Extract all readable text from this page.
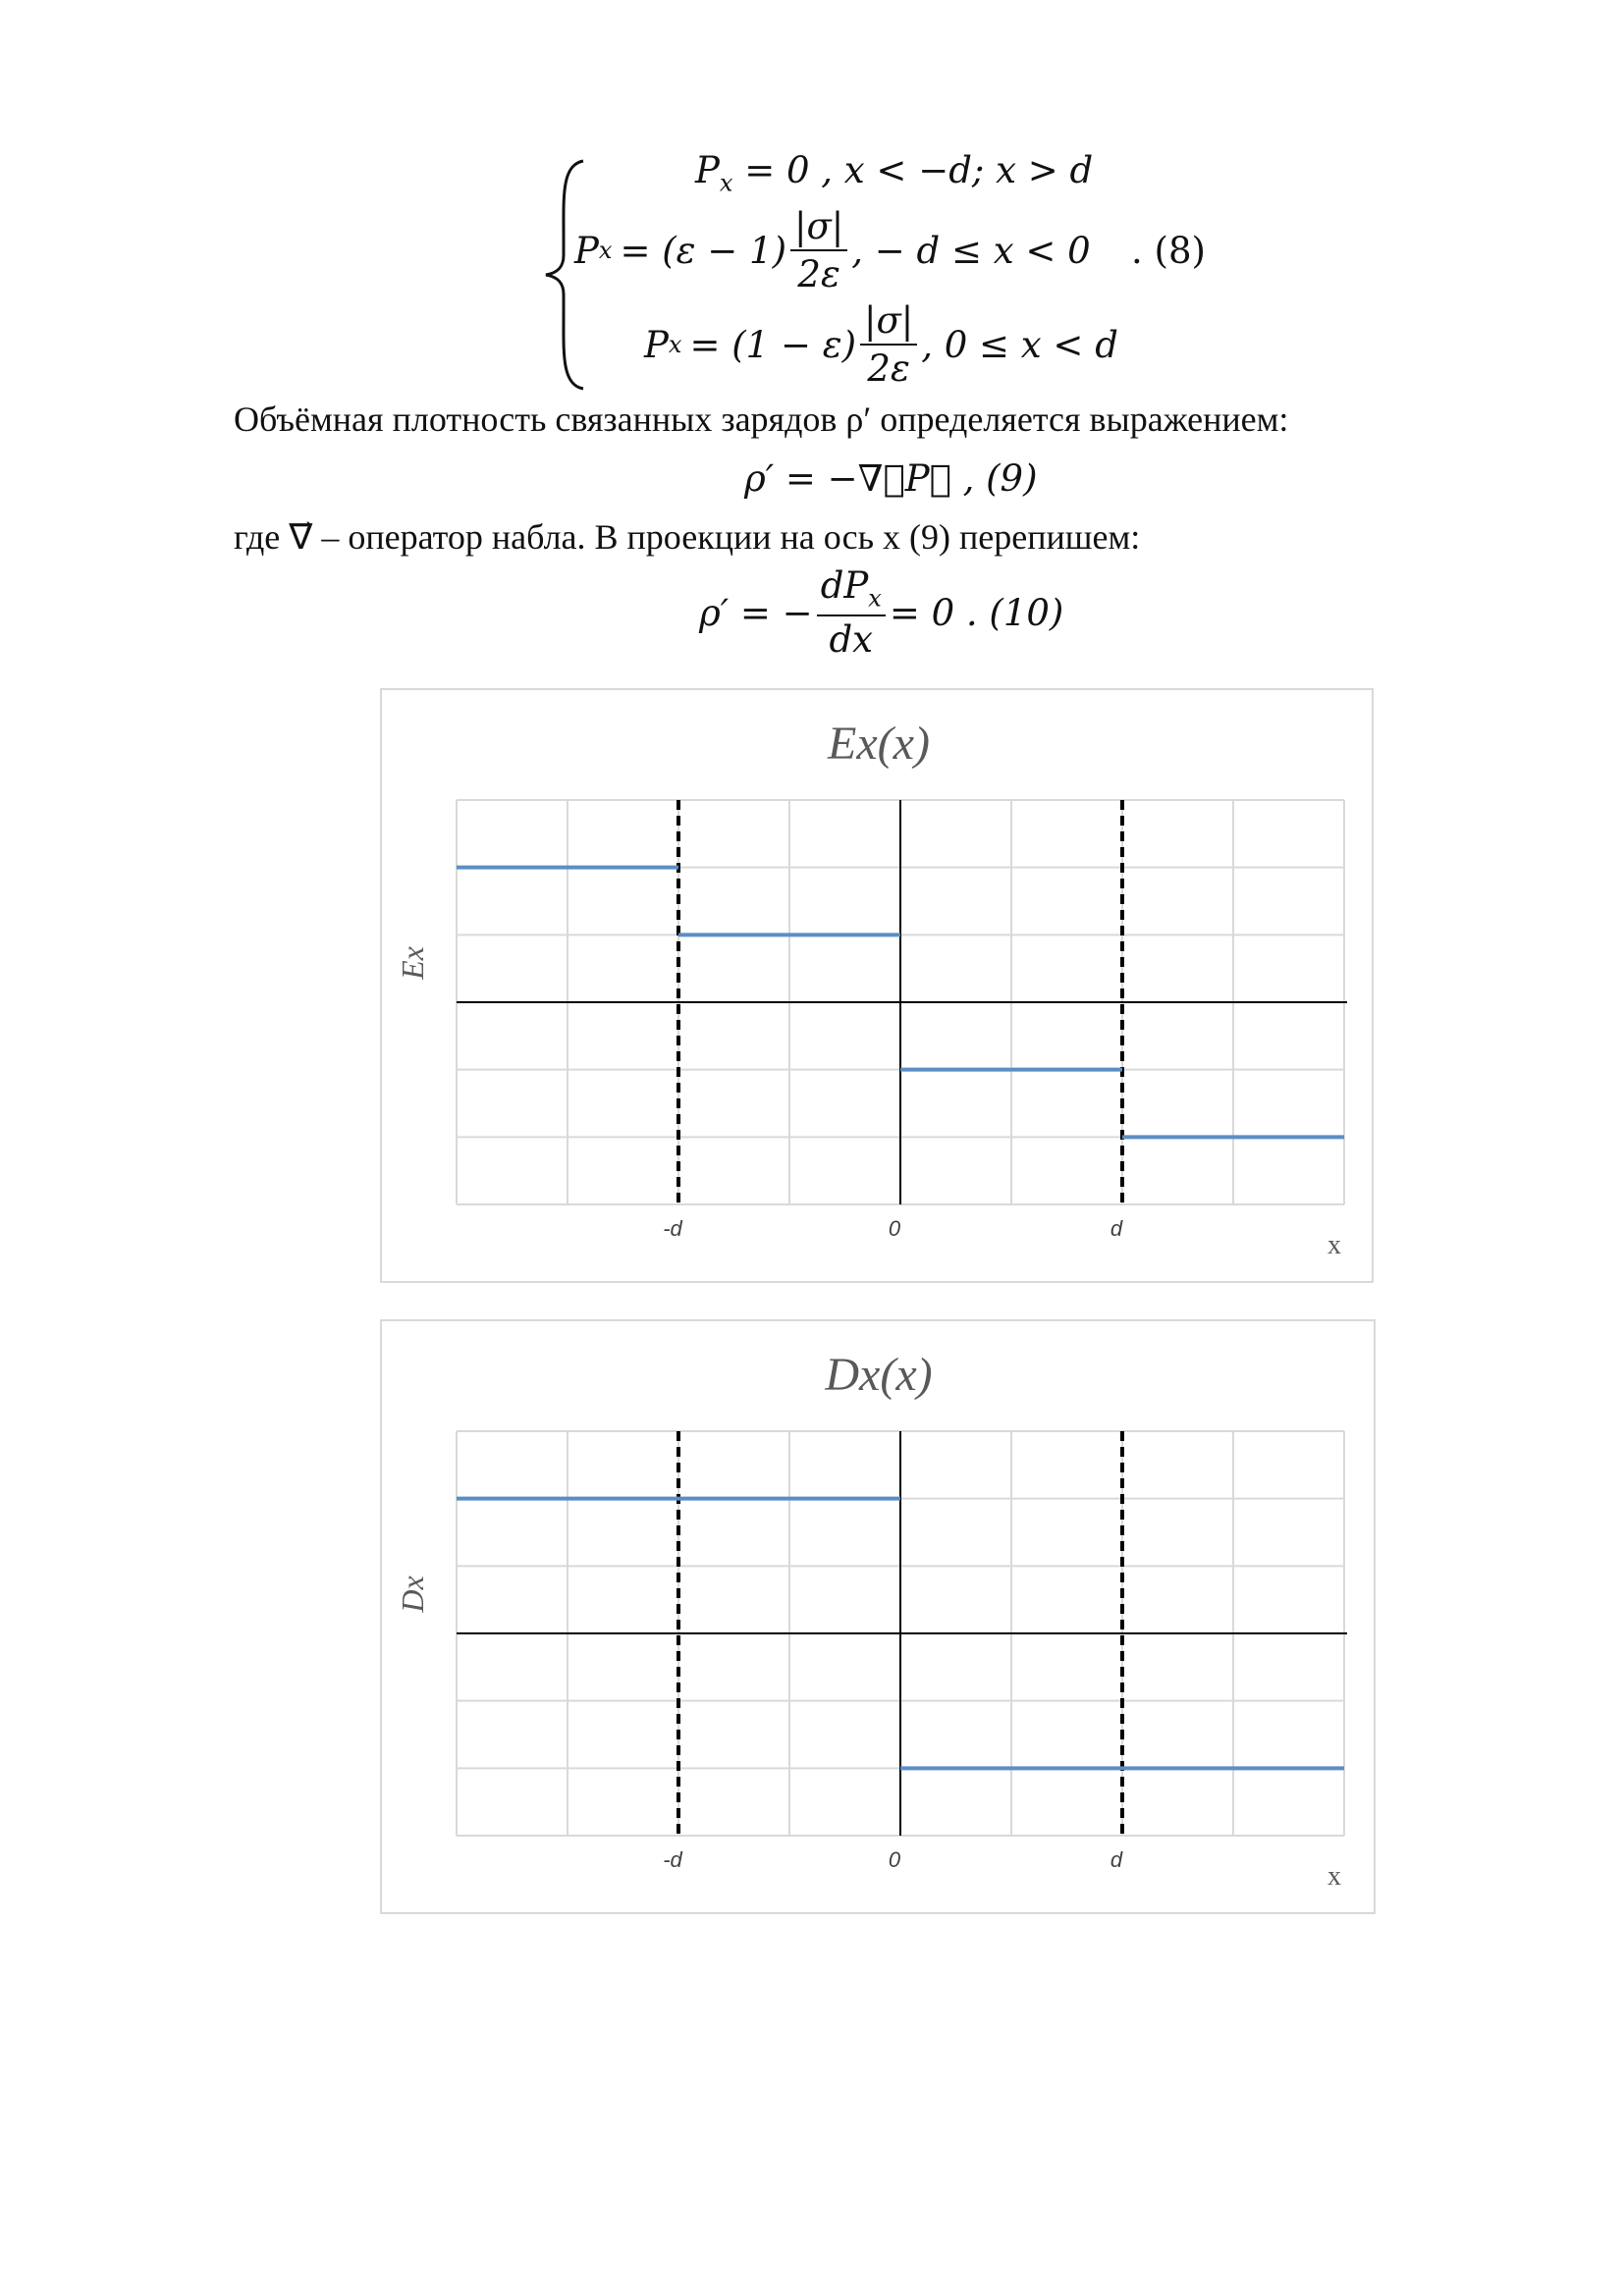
$P_x = 0$ , x < −d; x > d
P $x = (\varepsilon - 1) \frac{|\sigma|}{2\varepsilon}$ , − d ≤ x < 0 . (8)
P $x = (1 - \varepsilon) \frac{|\sigma|}{2\varepsilon}$ , 0 ≤ x < d
Объёмная плотность связанных зарядов ρ′ определяется выражением:
ρ′ = −∇⃗P⃗ , (9)
где ∇⃗ – оператор набла. В проекции на ось x (9) перепишем:
ρ′ = − $\frac{dP_x}{dx} = 0$ . (10)
Ex(x)
Ex
x
-d	0	d
Dx(x)
Dx
x
-d	0	d
